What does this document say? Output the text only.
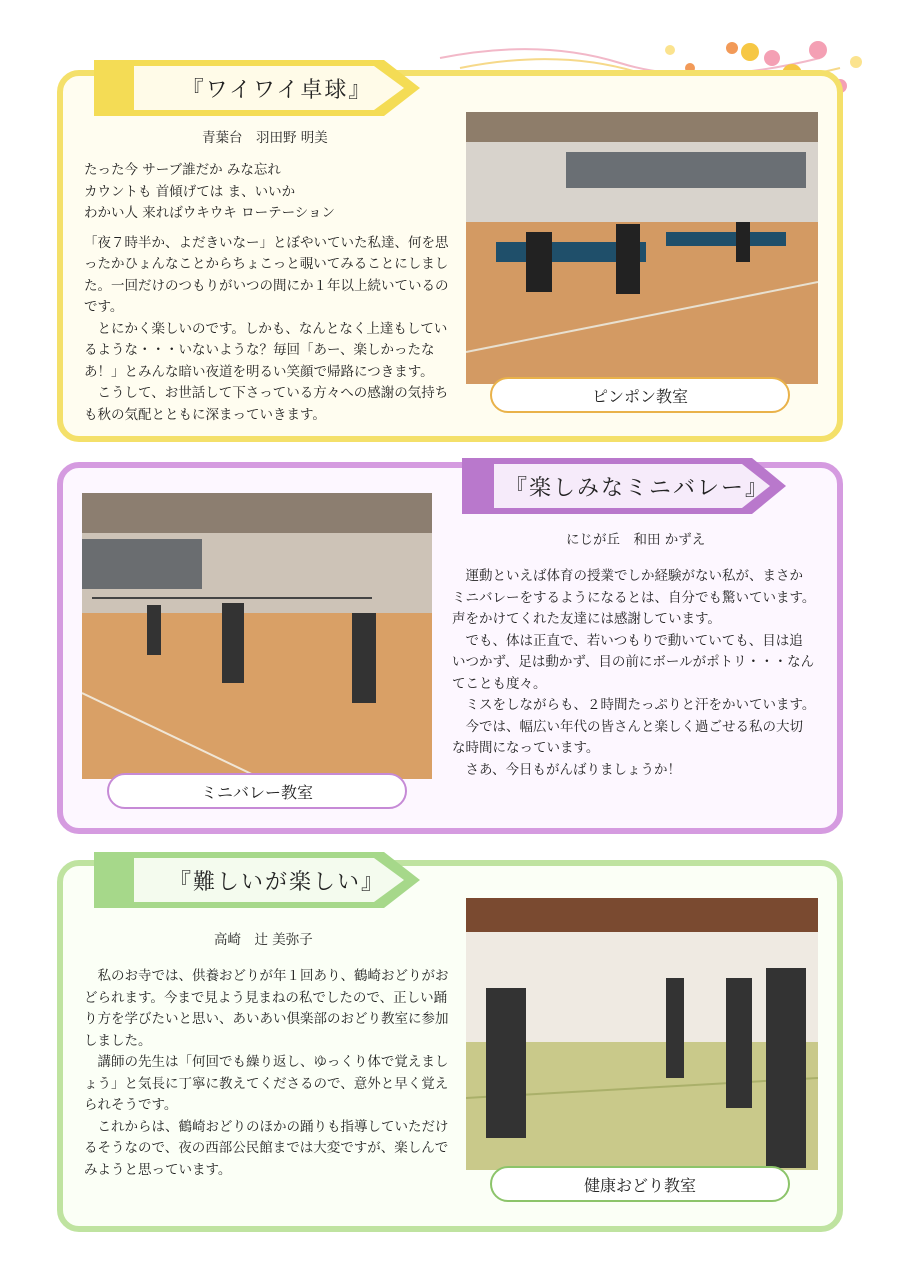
『ワイワイ卓球』
青葉台　羽田野 明美

たった今 サーブ誰だか みな忘れ

カウントも 首傾げては ま、いいか

わかい人 来ればウキウキ ローテーション

「夜７時半か、よだきいなー」とぼやいていた私達、何を思ったかひょんなことからちょこっと覗いてみることにしました。一回だけのつもりがいつの間にか１年以上続いているのです。

とにかく楽しいのです。しかも、なんとなく上達もしているような・・・いないような？毎回「あー、楽しかったなあ！」とみんな暗い夜道を明るい笑顔で帰路につきます。

こうして、お世話して下さっている方々への感謝の気持ちも秋の気配とともに深まっていきます。

ピンポン教室
『楽しみなミニバレー』
にじが丘　和田 かずえ

運動といえば体育の授業でしか経験がない私が、まさかミニバレーをするようになるとは、自分でも驚いています。声をかけてくれた友達には感謝しています。

でも、体は正直で、若いつもりで動いていても、目は追いつかず、足は動かず、目の前にボールがポトリ・・・なんてことも度々。

ミスをしながらも、２時間たっぷりと汗をかいています。

今では、幅広い年代の皆さんと楽しく過ごせる私の大切な時間になっています。

さあ、今日もがんばりましょうか！

ミニバレー教室
『難しいが楽しい』
高崎　辻 美弥子

私のお寺では、供養おどりが年１回あり、鶴崎おどりがおどられます。今まで見よう見まねの私でしたので、正しい踊り方を学びたいと思い、あいあい倶楽部のおどり教室に参加しました。

講師の先生は「何回でも繰り返し、ゆっくり体で覚えましょう」と気長に丁寧に教えてくださるので、意外と早く覚えられそうです。

これからは、鶴崎おどりのほかの踊りも指導していただけるそうなので、夜の西部公民館までは大変ですが、楽しんでみようと思っています。

健康おどり教室
